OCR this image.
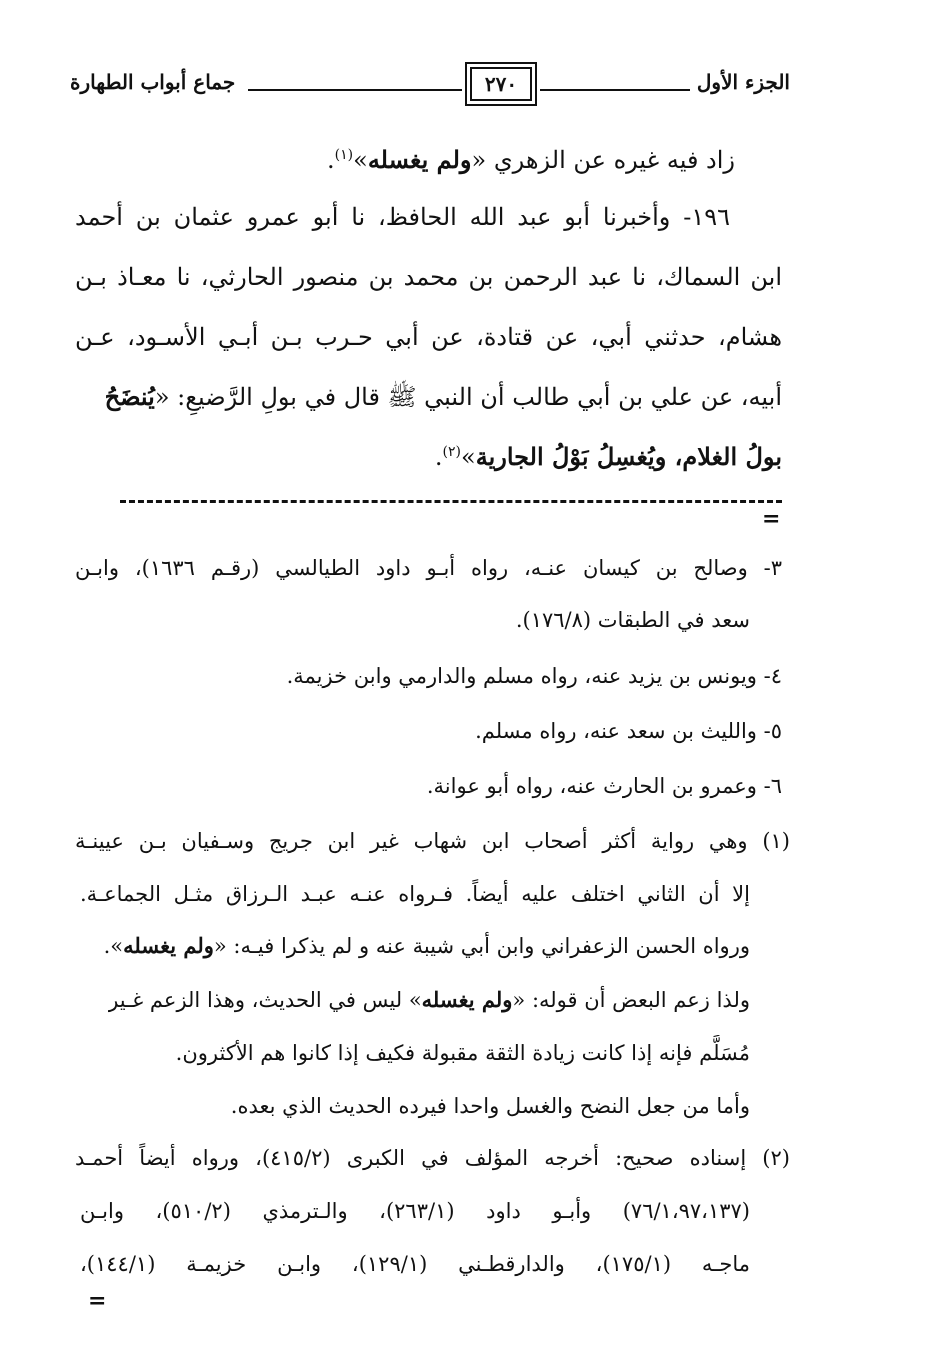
الجزء الأول
٢٧٠
جماع أبواب الطهارة
زاد فيه غيره عن الزهري «ولم يغسله»$^{(١)}$.
١٩٦- وأخبرنا أبو عبد الله الحافظ، نا أبو عمرو عثمان بن أحمد
ابن السماك، نا عبد الرحمن بن محمد بن منصور الحارثي، نا معـاذ بـن
هشام، حدثني أبي، عن قتادة، عن أبي حـرب بـن أبـي الأسـود، عـن
أبيه، عن علي بن أبي طالب أن النبي ﷺ قال في بولِ الرَّضيعِ: «يُنضَحُ
بولُ الغلام، ويُغسِلُ بَوْلُ الجارية»$^{(٢)}$.
=
٣- وصالح بن كيسان عنـه، رواه أبـو داود الطيالسي (رقـم ١٦٣٦)، وابـن
سعد في الطبقات (١٧٦/٨).
٤- ويونس بن يزيد عنه، رواه مسلم والدارمي وابن خزيمة.
٥- والليث بن سعد عنه، رواه مسلم.
٦- وعمرو بن الحارث عنه، رواه أبو عوانة.
(١) وهي رواية أكثر أصحاب ابن شهاب غير ابن جريج وسـفيان بـن عيينـة
إلا أن الثاني اختلف عليه أيضاً. فـرواه عنـه عبـد الـرزاق مثـل الجماعـة.
ورواه الحسن الزعفراني وابن أبي شيبة عنه و لم يذكرا فيـه: «ولم يغسله».
ولذا زعم البعض أن قوله: «ولم يغسله» ليس في الحديث، وهذا الزعم غـير
مُسَلَّم فإنه إذا كانت زيادة الثقة مقبولة فكيف إذا كانوا هم الأكثرون.
وأما من جعل النضح والغسل واحدا فيرده الحديث الذي بعده.
(٢) إسناده صحيح: أخرجه المؤلف في الكبرى (٤١٥/٢)، ورواه أيضاً أحمـد
(٧٦/١،٩٧،١٣٧) وأبـو داود (٢٦٣/١)، والـترمذي (٥١٠/٢)، وابـن
ماجـه (١٧٥/١)، والدارقطـني (١٢٩/١)، وابـن خزيمـة (١٤٤/١)،
=
